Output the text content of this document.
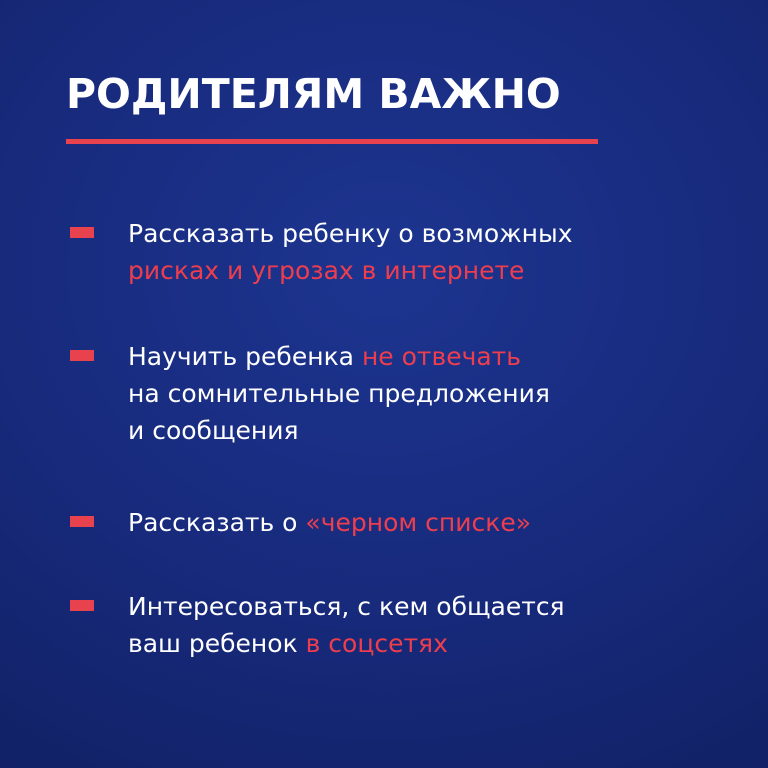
РОДИТЕЛЯМ ВАЖНО
Рассказать ребенку о возможных
рисках и угрозах в интернете
Научить ребенка не отвечать
на сомнительные предложения
и сообщения
Рассказать о «черном списке»
Интересоваться, с кем общается
ваш ребенок в соцсетях
